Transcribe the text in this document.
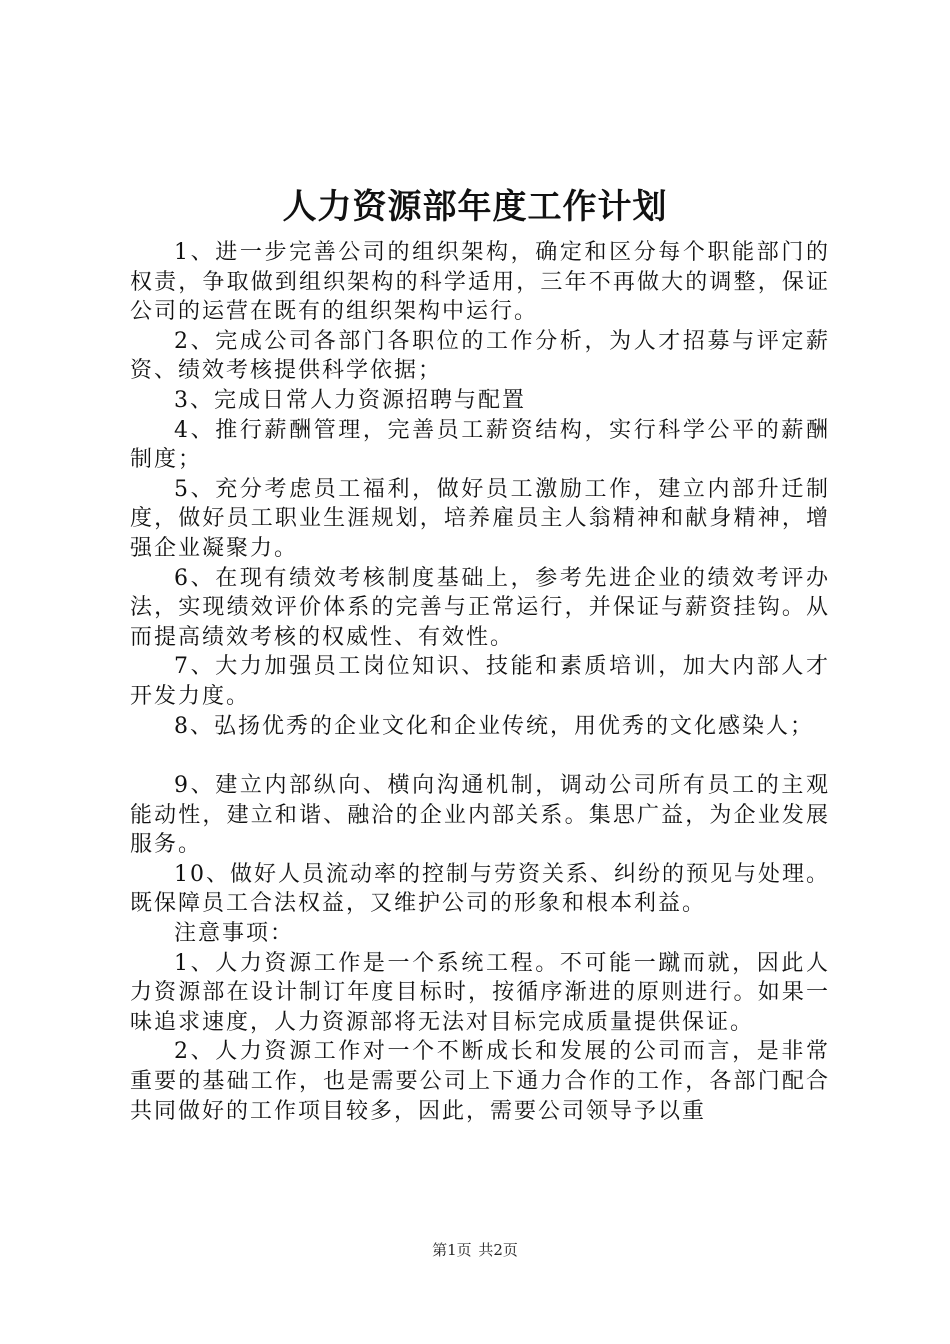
人力资源部年度工作计划

1、进一步完善公司的组织架构，确定和区分每个职能部门的权责，争取做到组织架构的科学适用，三年不再做大的调整，保证公司的运营在既有的组织架构中运行。

2、完成公司各部门各职位的工作分析，为人才招募与评定薪资、绩效考核提供科学依据；

3、完成日常人力资源招聘与配置

4、推行薪酬管理，完善员工薪资结构，实行科学公平的薪酬制度；

5、充分考虑员工福利，做好员工激励工作，建立内部升迁制度，做好员工职业生涯规划，培养雇员主人翁精神和献身精神，增强企业凝聚力。

6、在现有绩效考核制度基础上，参考先进企业的绩效考评办法，实现绩效评价体系的完善与正常运行，并保证与薪资挂钩。从而提高绩效考核的权威性、有效性。

7、大力加强员工岗位知识、技能和素质培训，加大内部人才开发力度。

8、弘扬优秀的企业文化和企业传统，用优秀的文化感染人；

9、建立内部纵向、横向沟通机制，调动公司所有员工的主观能动性，建立和谐、融洽的企业内部关系。集思广益，为企业发展服务。

10、做好人员流动率的控制与劳资关系、纠纷的预见与处理。既保障员工合法权益，又维护公司的形象和根本利益。

注意事项：

1、人力资源工作是一个系统工程。不可能一蹴而就，因此人力资源部在设计制订年度目标时，按循序渐进的原则进行。如果一味追求速度，人力资源部将无法对目标完成质量提供保证。

2、人力资源工作对一个不断成长和发展的公司而言，是非常重要的基础工作，也是需要公司上下通力合作的工作，各部门配合共同做好的工作项目较多，因此，需要公司领导予以重

第1页 共2页
